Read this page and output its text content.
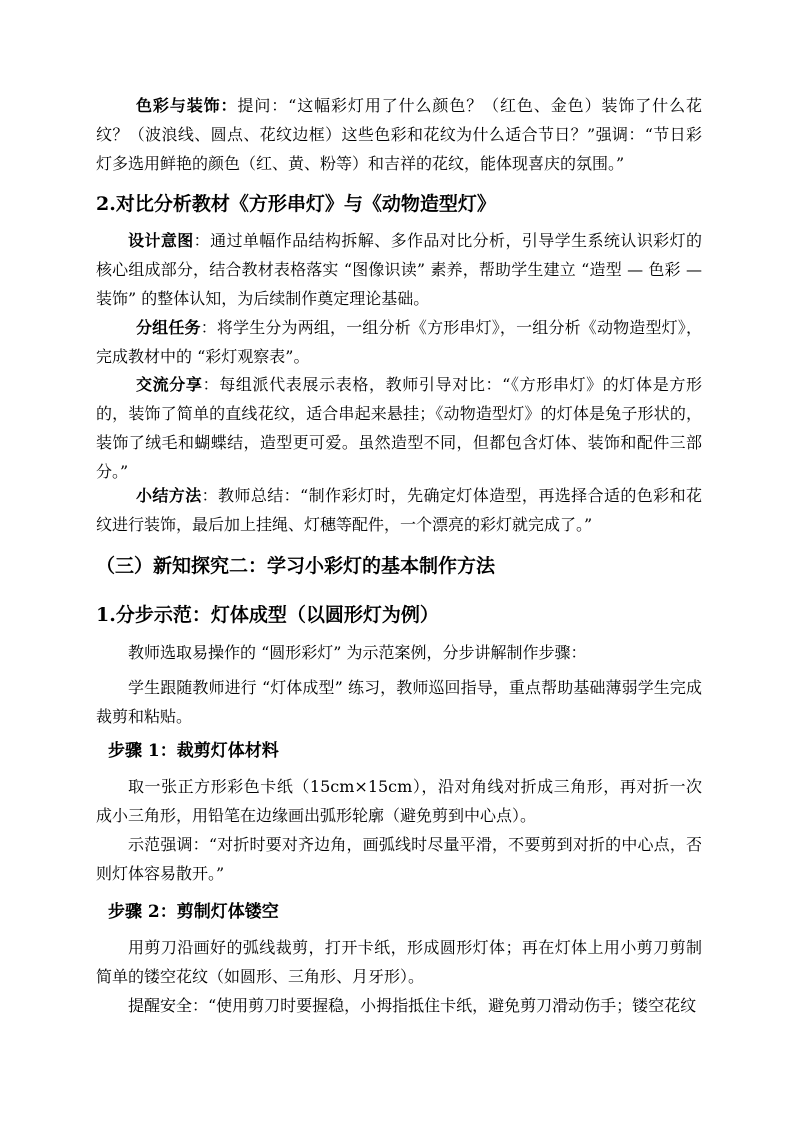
色彩与装饰：提问：“这幅彩灯用了什么颜色？（红色、金色）装饰了什么花纹？（波浪线、圆点、花纹边框）这些色彩和花纹为什么适合节日？”强调：“节日彩灯多选用鲜艳的颜色（红、黄、粉等）和吉祥的花纹，能体现喜庆的氛围。”

2.对比分析教材《方形串灯》与《动物造型灯》

设计意图：通过单幅作品结构拆解、多作品对比分析，引导学生系统认识彩灯的核心组成部分，结合教材表格落实 “图像识读” 素养，帮助学生建立 “造型 — 色彩 — 装饰” 的整体认知，为后续制作奠定理论基础。

分组任务：将学生分为两组，一组分析《方形串灯》，一组分析《动物造型灯》，完成教材中的 “彩灯观察表”。

交流分享：每组派代表展示表格，教师引导对比：“《方形串灯》的灯体是方形的，装饰了简单的直线花纹，适合串起来悬挂；《动物造型灯》的灯体是兔子形状的，装饰了绒毛和蝴蝶结，造型更可爱。虽然造型不同，但都包含灯体、装饰和配件三部分。”

小结方法：教师总结：“制作彩灯时，先确定灯体造型，再选择合适的色彩和花纹进行装饰，最后加上挂绳、灯穗等配件，一个漂亮的彩灯就完成了。”

（三）新知探究二：学习小彩灯的基本制作方法
1.分步示范：灯体成型（以圆形灯为例）

教师选取易操作的 “圆形彩灯” 为示范案例，分步讲解制作步骤：

学生跟随教师进行 “灯体成型” 练习，教师巡回指导，重点帮助基础薄弱学生完成裁剪和粘贴。

步骤 1：裁剪灯体材料

取一张正方形彩色卡纸（15cm×15cm），沿对角线对折成三角形，再对折一次成小三角形，用铅笔在边缘画出弧形轮廓（避免剪到中心点）。

示范强调：“对折时要对齐边角，画弧线时尽量平滑，不要剪到对折的中心点，否则灯体容易散开。”

步骤 2：剪制灯体镂空

用剪刀沿画好的弧线裁剪，打开卡纸，形成圆形灯体；再在灯体上用小剪刀剪制简单的镂空花纹（如圆形、三角形、月牙形）。

提醒安全：“使用剪刀时要握稳，小拇指抵住卡纸，避免剪刀滑动伤手；镂空花纹
